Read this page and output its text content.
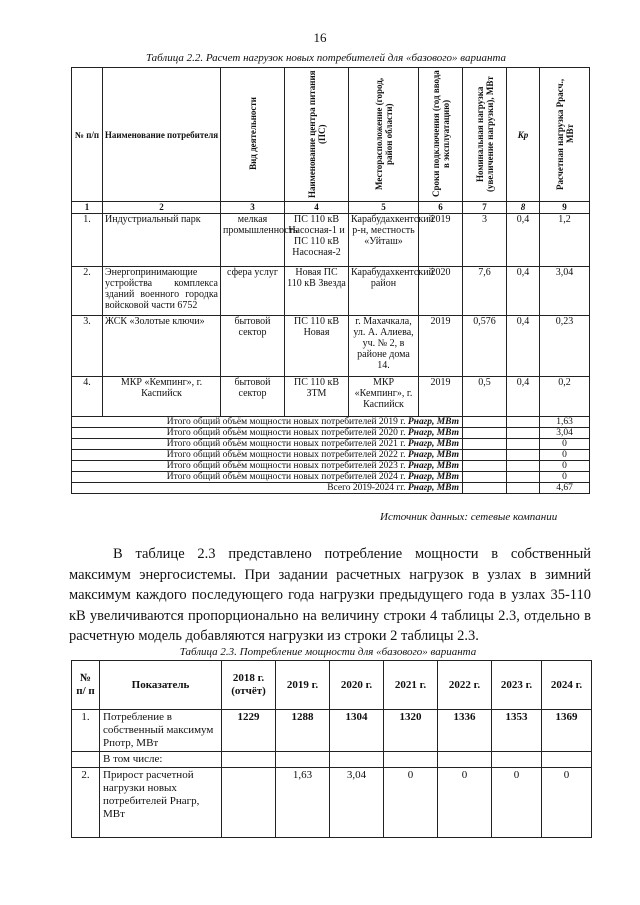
16
Таблица 2.2. Расчет нагрузок новых потребителей для «базового» варианта
№ п/п	Наименование потребителя	Вид деятельности	Наименование центра питания (ПС)	Месторасположение (город, район области)	Сроки подключения (год ввода в эксплуатацию)	Номинальная нагрузка (увеличение нагрузки), МВт	Кр	Расчетная нагрузка Pрасч., МВт
1	2	3	4	5	6	7	8	9
1.	Индустриальный парк	мелкая промышленность	ПС 110 кВ Насосная-1 и ПС 110 кВ Насосная-2	Карабудахкентский р-н, местность «Уйташ»	2019	3	0,4	1,2
2.	Энергопринимающие устройства комплекса зданий военного городка войсковой части 6752	сфера услуг	Новая ПС 110 кВ Звезда	Карабудахкентский район	2020	7,6	0,4	3,04
3.	ЖСК «Золотые ключи»	бытовой сектор	ПС 110 кВ Новая	г. Махачкала, ул. А. Алиева, уч. № 2, в районе дома 14.	2019	0,576	0,4	0,23
4.	МКР «Кемпинг», г. Каспийск	бытовой сектор	ПС 110 кВ ЗТМ	МКР «Кемпинг», г. Каспийск	2019	0,5	0,4	0,2
Итого общий объём мощности новых потребителей 2019 г. Рнагр, МВт								1,63
Итого общий объём мощности новых потребителей 2020 г. Рнагр, МВт								3,04
Итого общий объём мощности новых потребителей 2021 г. Рнагр, МВт								0
Итого общий объём мощности новых потребителей 2022 г. Рнагр, МВт								0
Итого общий объём мощности новых потребителей 2023 г. Рнагр, МВт								0
Итого общий объём мощности новых потребителей 2024 г. Рнагр, МВт								0
Всего 2019-2024 гг. Рнагр, МВт								4,67
Источник данных: сетевые компании
В таблице 2.3 представлено потребление мощности в собственный максимум энергосистемы. При задании расчетных нагрузок в узлах в зимний максимум каждого последующего года нагрузки предыдущего года в узлах 35-110 кВ увеличиваются пропорционально на величину строки 4 таблицы 2.3, отдельно в расчетную модель добавляются нагрузки из строки 2 таблицы 2.3.
Таблица 2.3. Потребление мощности для «базового» варианта
№ п/ п	Показатель	2018 г. (отчёт)	2019 г.	2020 г.	2021 г.	2022 г.	2023 г.	2024 г.
1.	Потребление в собственный максимум Рпотр, МВт	1229	1288	1304	1320	1336	1353	1369
	В том числе:							
2.	Прирост расчетной нагрузки новых потребителей Рнагр, МВт		1,63	3,04	0	0	0	0
